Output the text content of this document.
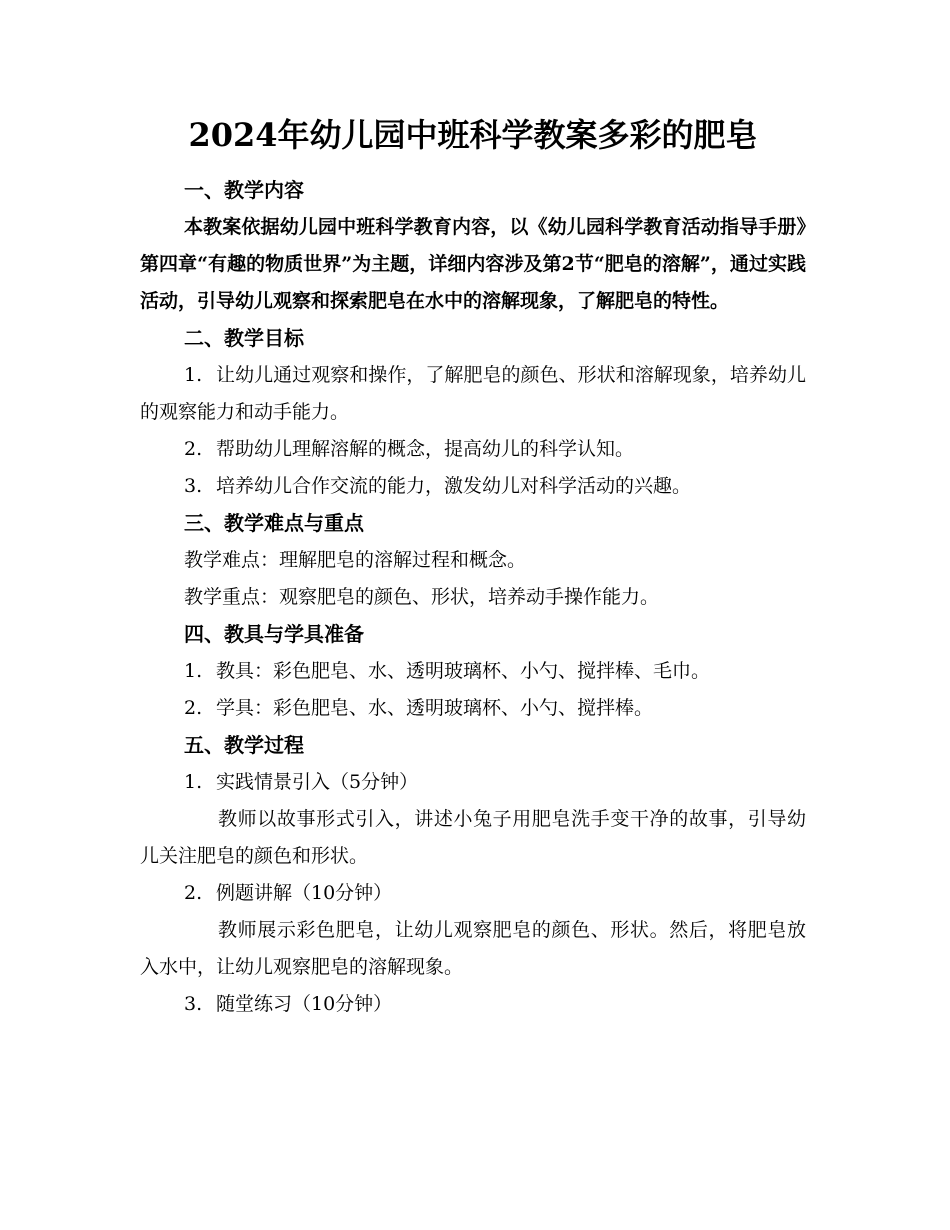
2024年幼儿园中班科学教案多彩的肥皂

一、教学内容

本教案依据幼儿园中班科学教育内容，以《幼儿园科学教育活动指导手册》第四章“有趣的物质世界”为主题，详细内容涉及第2节“肥皂的溶解”，通过实践活动，引导幼儿观察和探索肥皂在水中的溶解现象，了解肥皂的特性。

二、教学目标

1. 让幼儿通过观察和操作，了解肥皂的颜色、形状和溶解现象，培养幼儿的观察能力和动手能力。

2. 帮助幼儿理解溶解的概念，提高幼儿的科学认知。

3. 培养幼儿合作交流的能力，激发幼儿对科学活动的兴趣。

三、教学难点与重点

教学难点：理解肥皂的溶解过程和概念。

教学重点：观察肥皂的颜色、形状，培养动手操作能力。

四、教具与学具准备

1. 教具：彩色肥皂、水、透明玻璃杯、小勺、搅拌棒、毛巾。

2. 学具：彩色肥皂、水、透明玻璃杯、小勺、搅拌棒。

五、教学过程

1. 实践情景引入（5分钟）

教师以故事形式引入，讲述小兔子用肥皂洗手变干净的故事，引导幼儿关注肥皂的颜色和形状。

2. 例题讲解（10分钟）

教师展示彩色肥皂，让幼儿观察肥皂的颜色、形状。然后，将肥皂放入水中，让幼儿观察肥皂的溶解现象。

3. 随堂练习（10分钟）
